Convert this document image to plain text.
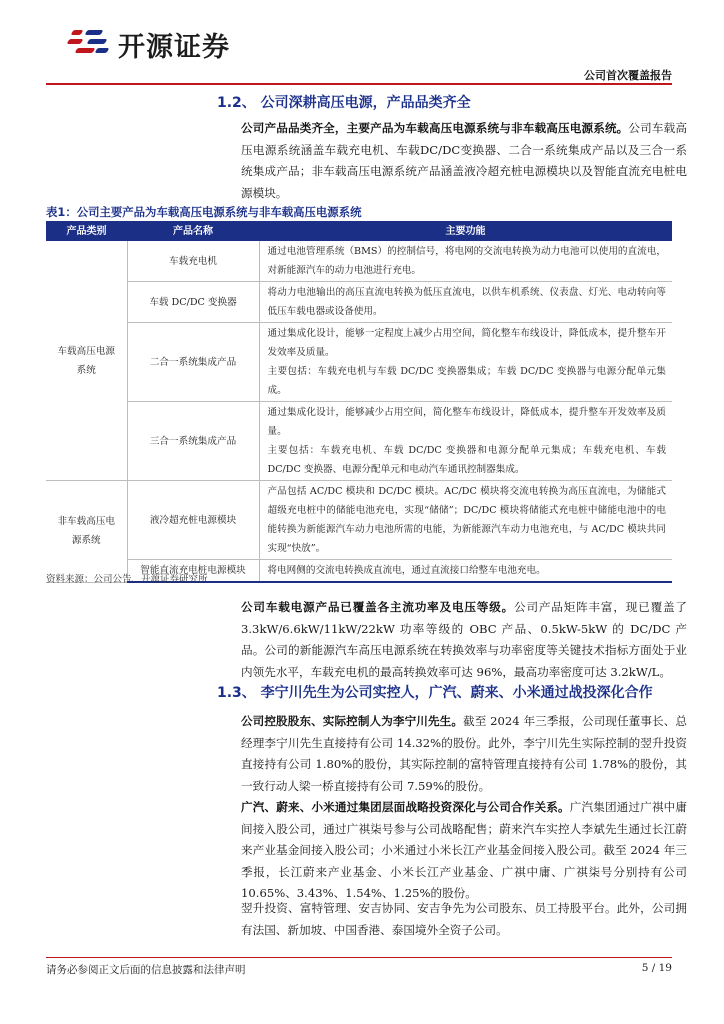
开源证券
公司首次覆盖报告
1.2、 公司深耕高压电源，产品品类齐全

公司产品品类齐全，主要产品为车载高压电源系统与非车载高压电源系统。公司车载高压电源系统涵盖车载充电机、车载DC/DC变换器、二合一系统集成产品以及三合一系统集成产品；非车载高压电源系统产品涵盖液冷超充桩电源模块以及智能直流充电桩电源模块。

表1：公司主要产品为车载高压电源系统与非车载高压电源系统
产品类别	产品名称	主要功能
车载高压电源系统	车载充电机	通过电池管理系统（BMS）的控制信号，将电网的交流电转换为动力电池可以使用的直流电，对新能源汽车的动力电池进行充电。

	车载 DC/DC 变换器	将动力电池输出的高压直流电转换为低压直流电，以供车机系统、仪表盘、灯光、电动转向等低压车载电器或设备使用。

	二合一系统集成产品	通过集成化设计，能够一定程度上减少占用空间，简化整车布线设计，降低成本，提升整车开发效率及质量。
主要包括：车载充电机与车载 DC/DC 变换器集成；车载 DC/DC 变换器与电源分配单元集成。

	三合一系统集成产品	通过集成化设计，能够减少占用空间，简化整车布线设计，降低成本，提升整车开发效率及质量。
主要包括：车载充电机、车载 DC/DC 变换器和电源分配单元集成；车载充电机、车载 DC/DC 变换器、电源分配单元和电动汽车通讯控制器集成。

非车载高压电源系统	液冷超充桩电源模块	产品包括 AC/DC 模块和 DC/DC 模块。AC/DC 模块将交流电转换为高压直流电，为储能式超级充电桩中的储能电池充电，实现“储储”；DC/DC 模块将储能式充电桩中储能电池中的电能转换为新能源汽车动力电池所需的电能，为新能源汽车动力电池充电，与 AC/DC 模块共同实现“快放”。

	智能直流充电桩电源模块	将电网侧的交流电转换成直流电，通过直流接口给整车电池充电。
资料来源：公司公告、开源证券研究所

公司车载电源产品已覆盖各主流功率及电压等级。公司产品矩阵丰富，现已覆盖了 3.3kW/6.6kW/11kW/22kW 功率等级的 OBC 产品、0.5kW-5kW 的 DC/DC 产品。公司的新能源汽车高压电源系统在转换效率与功率密度等关键技术指标方面处于业内领先水平，车载充电机的最高转换效率可达 96%，最高功率密度可达 3.2kW/L。

1.3、 李宁川先生为公司实控人，广汽、蔚来、小米通过战投深化合作

公司控股股东、实际控制人为李宁川先生。截至 2024 年三季报，公司现任董事长、总经理李宁川先生直接持有公司 14.32%的股份。此外，李宁川先生实际控制的翌升投资直接持有公司 1.80%的股份，其实际控制的富特管理直接持有公司 1.78%的股份，其一致行动人梁一桥直接持有公司 7.59%的股份。

广汽、蔚来、小米通过集团层面战略投资深化与公司合作关系。广汽集团通过广祺中庸间接入股公司，通过广祺柒号参与公司战略配售；蔚来汽车实控人李斌先生通过长江蔚来产业基金间接入股公司；小米通过小米长江产业基金间接入股公司。截至 2024 年三季报，长江蔚来产业基金、小米长江产业基金、广祺中庸、广祺柒号分别持有公司 10.65%、3.43%、1.54%、1.25%的股份。

翌升投资、富特管理、安吉协同、安吉争先为公司股东、员工持股平台。此外，公司拥有法国、新加坡、中国香港、泰国境外全资子公司。

请务必参阅正文后面的信息披露和法律声明	5 / 19
